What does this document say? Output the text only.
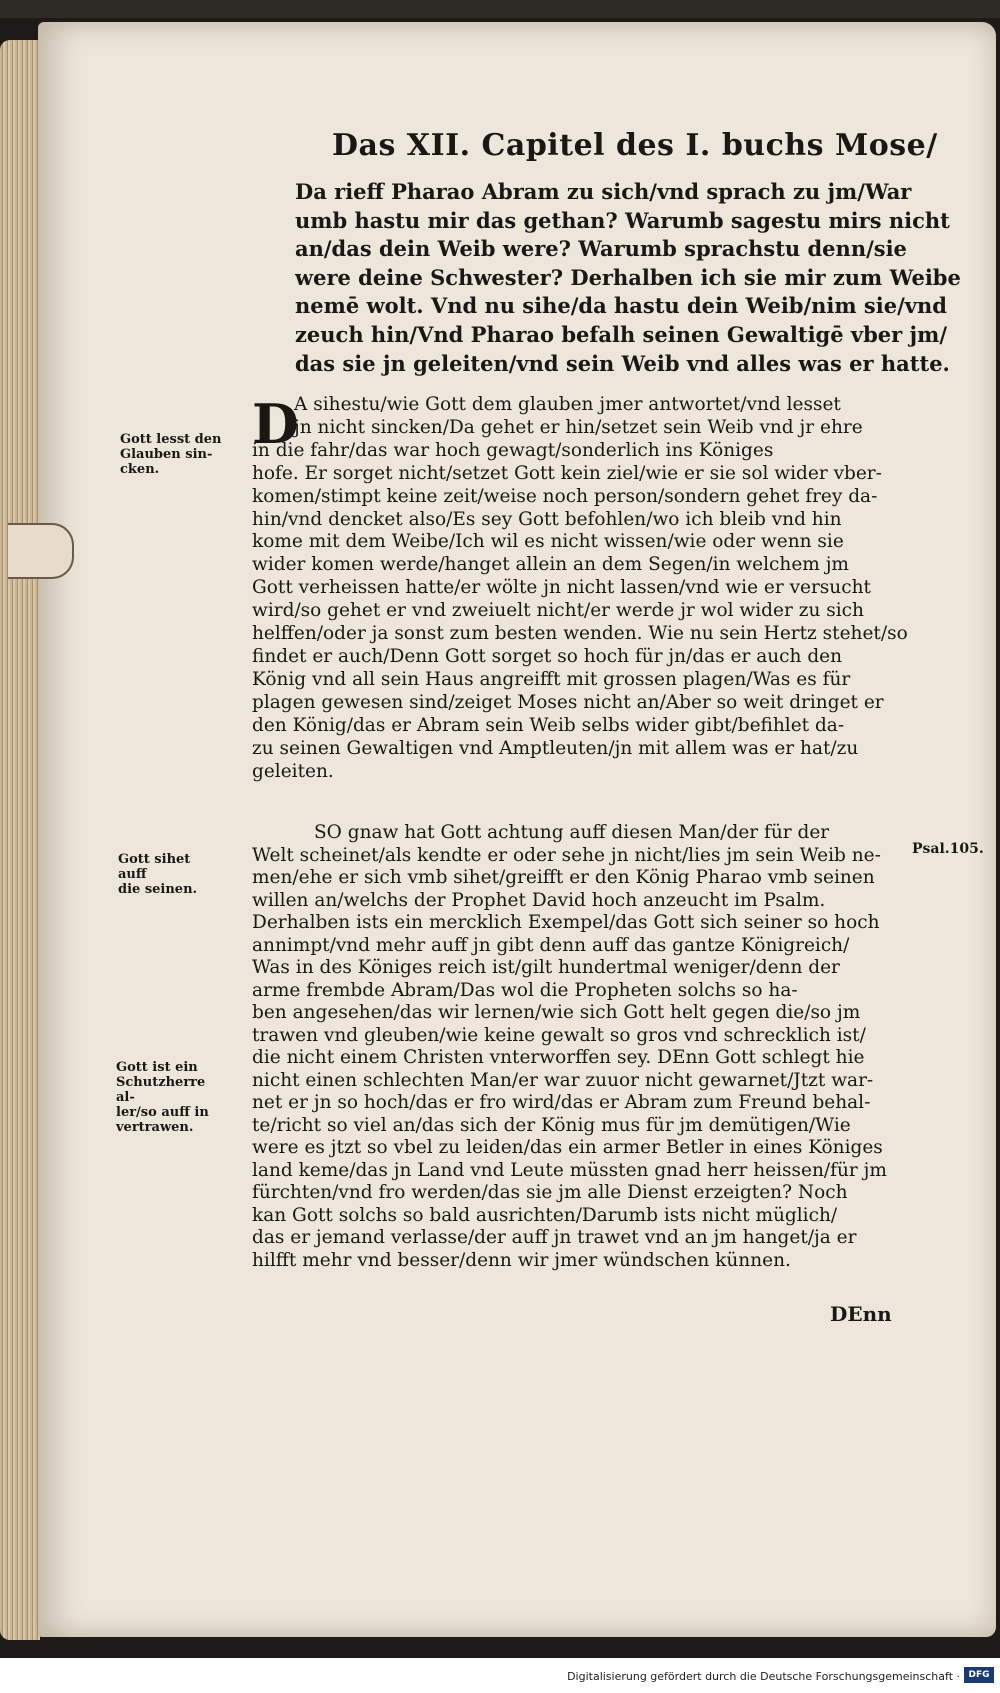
Das XII. Capitel des I. buchs Mose/
Da rieff Pharao Abram zu sich/vnd sprach zu jm/War
umb hastu mir das gethan? Warumb sagestu mirs nicht
an/das dein Weib were? Warumb sprachstu denn/sie
were deine Schwester? Derhalben ich sie mir zum Weibe
nemē wolt. Vnd nu sihe/da hastu dein Weib/nim sie/vnd
zeuch hin/Vnd Pharao befalh seinen Gewaltigē vber jm/
das sie jn geleiten/vnd sein Weib vnd alles was er hatte.
D
A sihestu/wie Gott dem glauben jmer antwortet/vnd lesset
jn nicht sincken/Da gehet er hin/setzet sein Weib vnd jr ehre
in die fahr/das war hoch gewagt/sonderlich ins Königes
hofe. Er sorget nicht/setzet Gott kein ziel/wie er sie sol wider vber-
komen/stimpt keine zeit/weise noch person/sondern gehet frey da-
hin/vnd dencket also/Es sey Gott befohlen/wo ich bleib vnd hin
kome mit dem Weibe/Ich wil es nicht wissen/wie oder wenn sie
wider komen werde/hanget allein an dem Segen/in welchem jm
Gott verheissen hatte/er wölte jn nicht lassen/vnd wie er versucht
wird/so gehet er vnd zweiuelt nicht/er werde jr wol wider zu sich
helffen/oder ja sonst zum besten wenden. Wie nu sein Hertz stehet/so
findet er auch/Denn Gott sorget so hoch für jn/das er auch den
König vnd all sein Haus angreifft mit grossen plagen/Was es für
plagen gewesen sind/zeiget Moses nicht an/Aber so weit dringet er
den König/das er Abram sein Weib selbs wider gibt/befihlet da-
zu seinen Gewaltigen vnd Amptleuten/jn mit allem was er hat/zu
geleiten.
SO gnaw hat Gott achtung auff diesen Man/der für der
Welt scheinet/als kendte er oder sehe jn nicht/lies jm sein Weib ne-
men/ehe er sich vmb sihet/greifft er den König Pharao vmb seinen
willen an/welchs der Prophet David hoch anzeucht im Psalm.
Derhalben ists ein mercklich Exempel/das Gott sich seiner so hoch
annimpt/vnd mehr auff jn gibt denn auff das gantze Königreich/
Was in des Königes reich ist/gilt hundertmal weniger/denn der
arme frembde Abram/Das wol die Propheten solchs so ha-
ben angesehen/das wir lernen/wie sich Gott helt gegen die/so jm
trawen vnd gleuben/wie keine gewalt so gros vnd schrecklich ist/
die nicht einem Christen vnterworffen sey. DEnn Gott schlegt hie
nicht einen schlechten Man/er war zuuor nicht gewarnet/Jtzt war-
net er jn so hoch/das er fro wird/das er Abram zum Freund behal-
te/richt so viel an/das sich der König mus für jm demütigen/Wie
were es jtzt so vbel zu leiden/das ein armer Betler in eines Königes
land keme/das jn Land vnd Leute müssten gnad herr heissen/für jm
fürchten/vnd fro werden/das sie jm alle Dienst erzeigten? Noch
kan Gott solchs so bald ausrichten/Darumb ists nicht müglich/
das er jemand verlasse/der auff jn trawet vnd an jm hanget/ja er
hilfft mehr vnd besser/denn wir jmer wündschen künnen.
Gott lesst den
Glauben sin-
cken.
Gott sihet auff
die seinen.
Gott ist ein
Schutzherre al-
ler/so auff in
vertrawen.
Psal.105.
DEnn
Digitalisierung gefördert durch die Deutsche Forschungsgemeinschaft · DFG
